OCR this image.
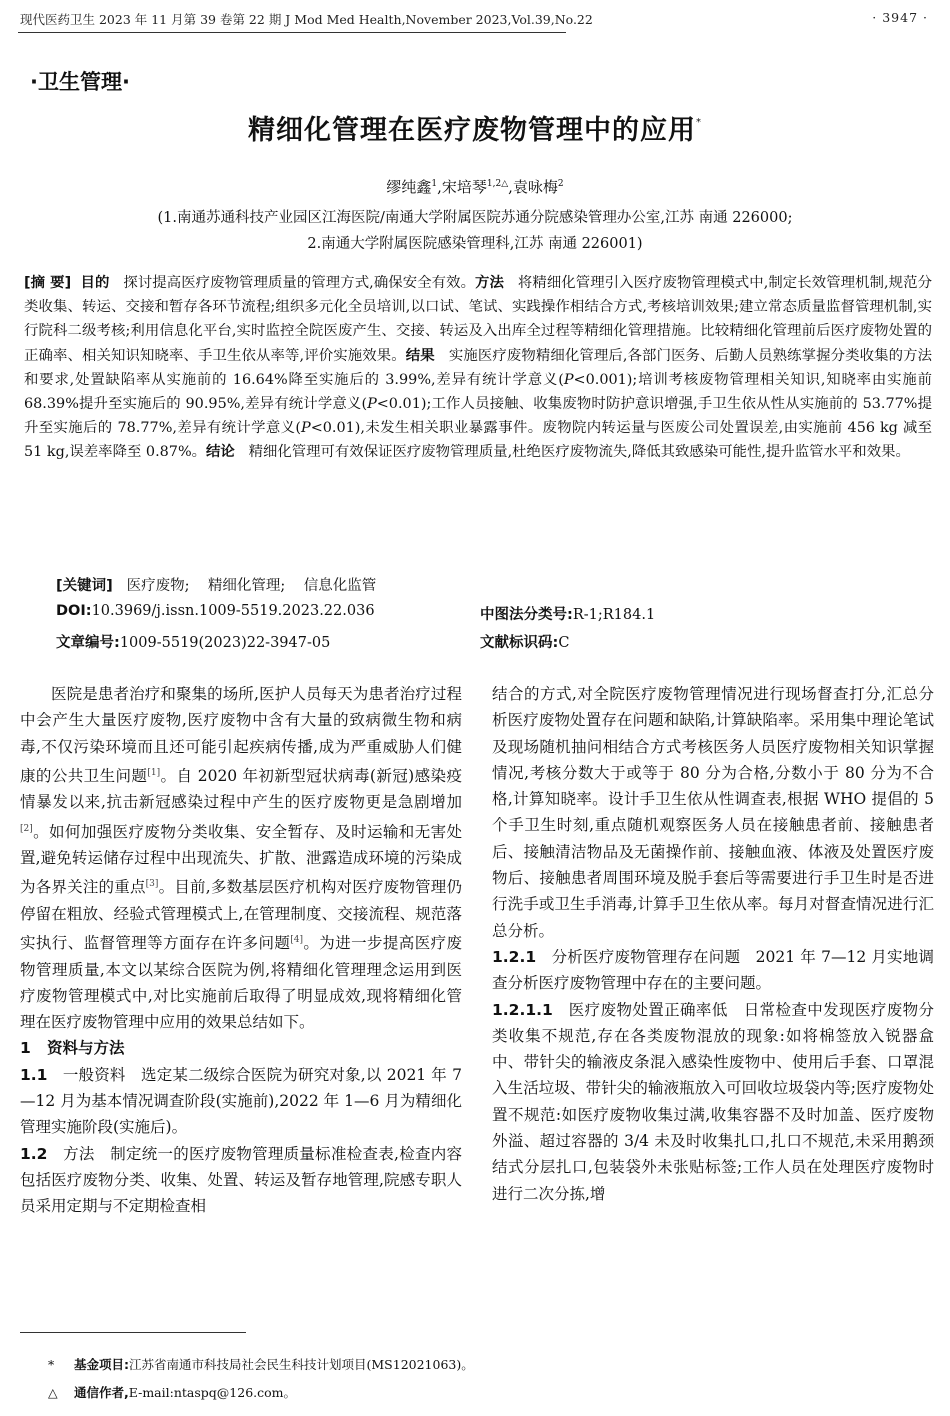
现代医药卫生 2023 年 11 月第 39 卷第 22 期 J Mod Med Health,November 2023,Vol.39,No.22	· 3947 ·
·卫生管理·
精细化管理在医疗废物管理中的应用*
缪纯鑫$^1$,宋培琴$^{1,2\triangle}$,袁咏梅$^2$
(1.南通苏通科技产业园区江海医院/南通大学附属医院苏通分院感染管理办公室,江苏 南通 226000;
2.南通大学附属医院感染管理科,江苏 南通 226001)
[摘 要] 目的 探讨提高医疗废物管理质量的管理方式,确保安全有效。方法 将精细化管理引入医疗废物管理模式中,制定长效管理机制,规范分类收集、转运、交接和暂存各环节流程;组织多元化全员培训,以口试、笔试、实践操作相结合方式,考核培训效果;建立常态质量监督管理机制,实行院科二级考核;利用信息化平台,实时监控全院医废产生、交接、转运及入出库全过程等精细化管理措施。比较精细化管理前后医疗废物处置的正确率、相关知识知晓率、手卫生依从率等,评价实施效果。结果 实施医疗废物精细化管理后,各部门医务、后勤人员熟练掌握分类收集的方法和要求,处置缺陷率从实施前的 16.64%降至实施后的 3.99%,差异有统计学意义(P<0.001);培训考核废物管理相关知识,知晓率由实施前 68.39%提升至实施后的 90.95%,差异有统计学意义(P<0.01);工作人员接触、收集废物时防护意识增强,手卫生依从性从实施前的 53.77%提升至实施后的 78.77%,差异有统计学意义(P<0.01),未发生相关职业暴露事件。废物院内转运量与医废公司处置误差,由实施前 456 kg 减至 51 kg,误差率降至 0.87%。结论 精细化管理可有效保证医疗废物管理质量,杜绝医疗废物流失,降低其致感染可能性,提升监管水平和效果。
[关键词] 医疗废物; 精细化管理; 信息化监管
DOI:10.3969/j.issn.1009-5519.2023.22.036	中图法分类号:R-1;R184.1
文章编号:1009-5519(2023)22-3947-05	文献标识码:C

医院是患者治疗和聚集的场所,医护人员每天为患者治疗过程中会产生大量医疗废物,医疗废物中含有大量的致病微生物和病毒,不仅污染环境而且还可能引起疾病传播,成为严重威胁人们健康的公共卫生问题[1]。自 2020 年初新型冠状病毒(新冠)感染疫情暴发以来,抗击新冠感染过程中产生的医疗废物更是急剧增加[2]。如何加强医疗废物分类收集、安全暂存、及时运输和无害处置,避免转运储存过程中出现流失、扩散、泄露造成环境的污染成为各界关注的重点[3]。目前,多数基层医疗机构对医疗废物管理仍停留在粗放、经验式管理模式上,在管理制度、交接流程、规范落实执行、监督管理等方面存在许多问题[4]。为进一步提高医疗废物管理质量,本文以某综合医院为例,将精细化管理理念运用到医疗废物管理模式中,对比实施前后取得了明显成效,现将精细化管理在医疗废物管理中应用的效果总结如下。

1   资料与方法

1.1 一般资料 选定某二级综合医院为研究对象,以 2021 年 7—12 月为基本情况调查阶段(实施前),2022 年 1—6 月为精细化管理实施阶段(实施后)。

1.2 方法 制定统一的医疗废物管理质量标准检查表,检查内容包括医疗废物分类、收集、处置、转运及暂存地管理,院感专职人员采用定期与不定期检查相

结合的方式,对全院医疗废物管理情况进行现场督查打分,汇总分析医疗废物处置存在问题和缺陷,计算缺陷率。采用集中理论笔试及现场随机抽问相结合方式考核医务人员医疗废物相关知识掌握情况,考核分数大于或等于 80 分为合格,分数小于 80 分为不合格,计算知晓率。设计手卫生依从性调查表,根据 WHO 提倡的 5 个手卫生时刻,重点随机观察医务人员在接触患者前、接触患者后、接触清洁物品及无菌操作前、接触血液、体液及处置医疗废物后、接触患者周围环境及脱手套后等需要进行手卫生时是否进行洗手或卫生手消毒,计算手卫生依从率。每月对督查情况进行汇总分析。

1.2.1 分析医疗废物管理存在问题 2021 年 7—12 月实地调查分析医疗废物管理中存在的主要问题。

1.2.1.1 医疗废物处置正确率低 日常检查中发现医疗废物分类收集不规范,存在各类废物混放的现象:如将棉签放入锐器盒中、带针尖的输液皮条混入感染性废物中、使用后手套、口罩混入生活垃圾、带针尖的输液瓶放入可回收垃圾袋内等;医疗废物处置不规范:如医疗废物收集过满,收集容器不及时加盖、医疗废物外溢、超过容器的 3/4 未及时收集扎口,扎口不规范,未采用鹅颈结式分层扎口,包装袋外未张贴标签;工作人员在处理医疗废物时进行二次分拣,增

* 基金项目:江苏省南通市科技局社会民生科技计划项目(MS12021063)。
△ 通信作者,E-mail:ntaspq@126.com。
